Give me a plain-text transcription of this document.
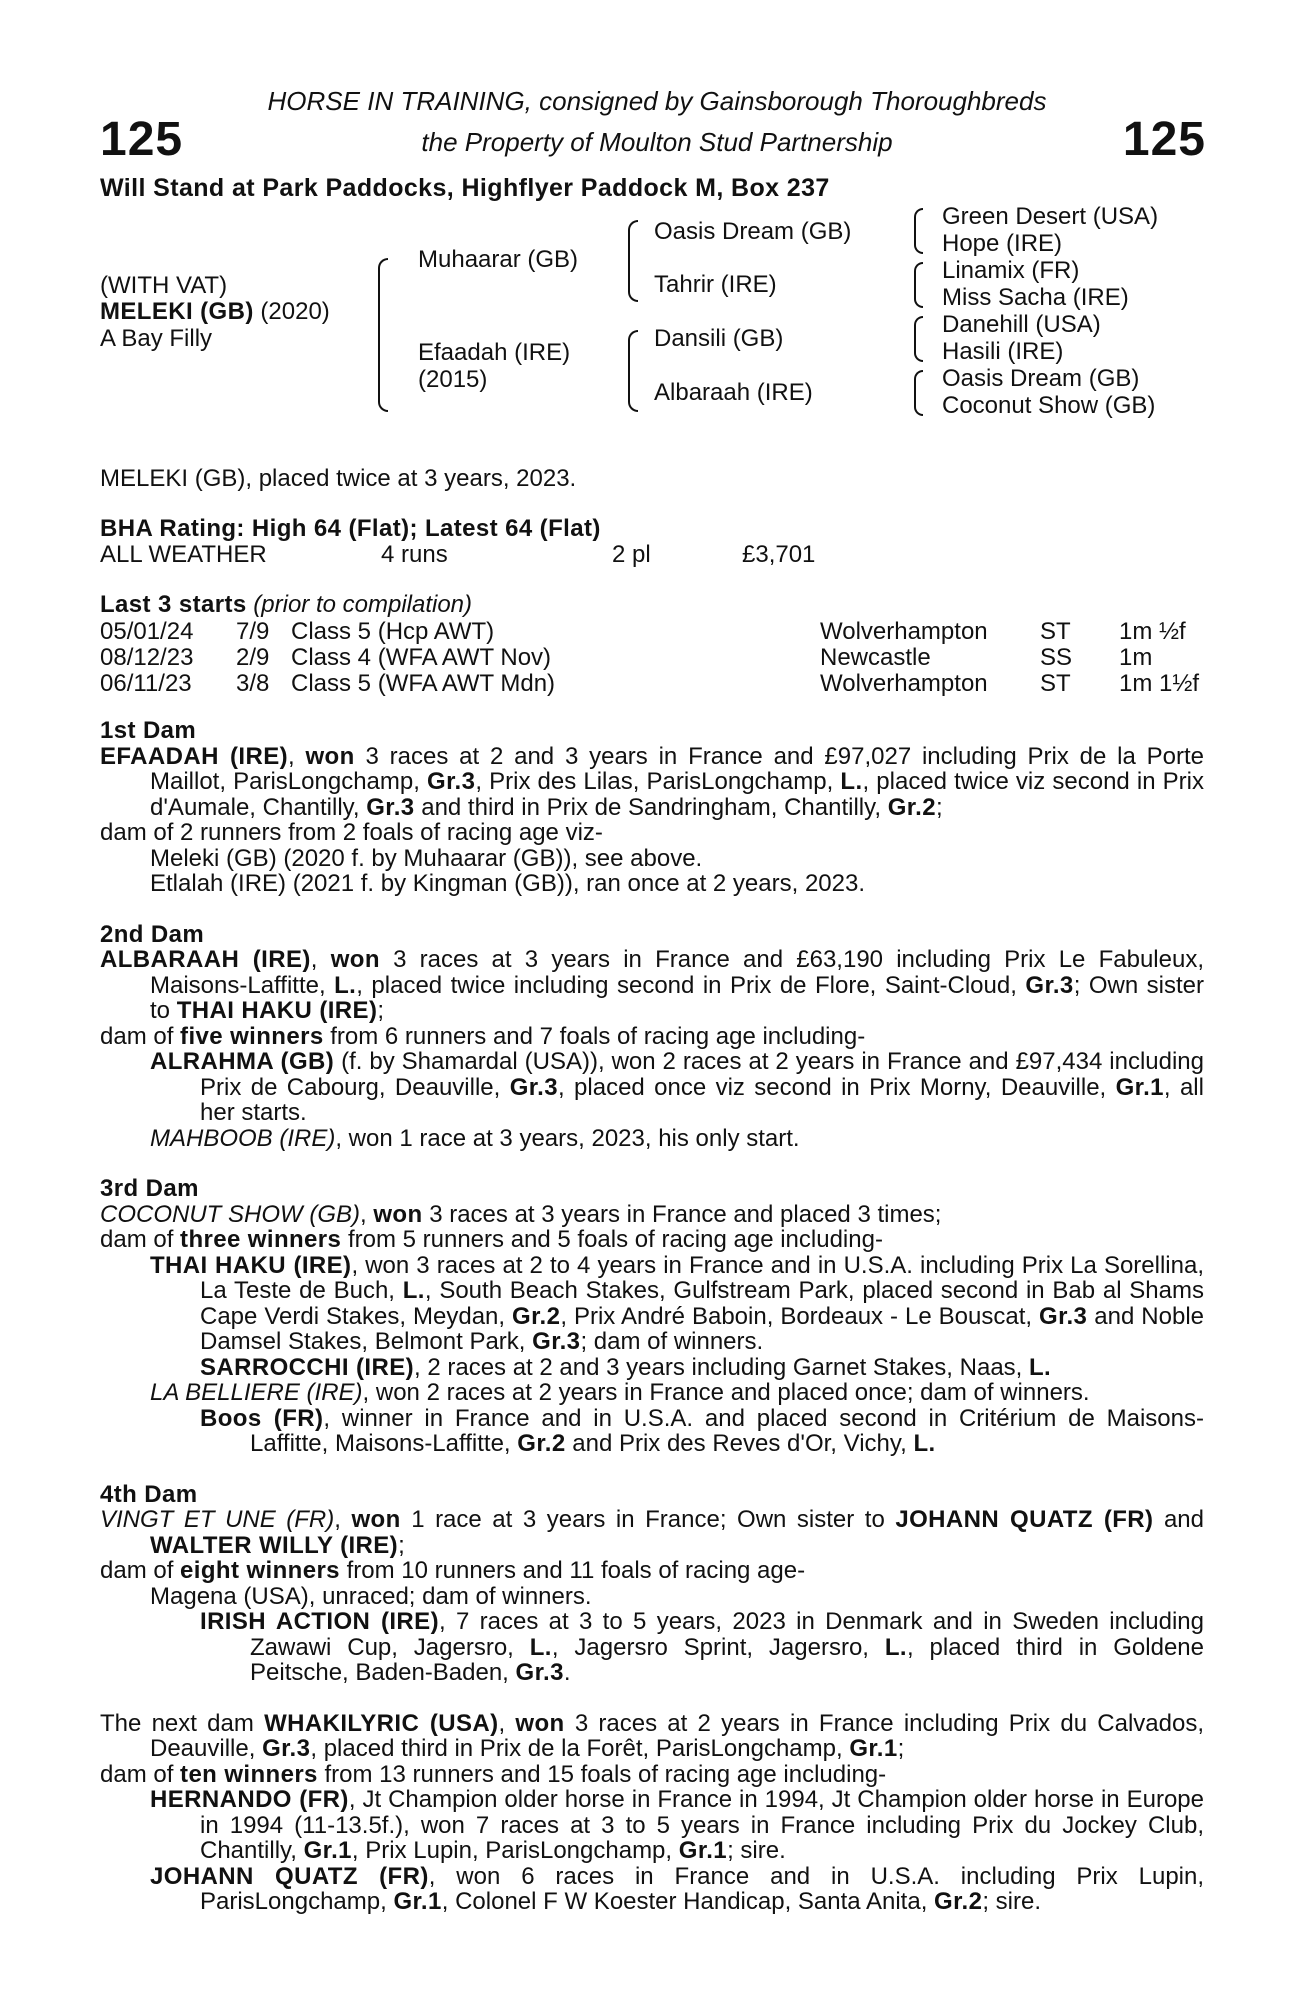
125	125
HORSE IN TRAINING, consigned by Gainsborough Thoroughbreds
the Property of Moulton Stud Partnership
Will Stand at Park Paddocks, Highflyer Paddock M, Box 237
(WITH VAT)
MELEKI (GB) (2020)
A Bay Filly
Muhaarar (GB)
Efaadah (IRE)
(2015)
Oasis Dream (GB)
Tahrir (IRE)
Dansili (GB)
Albaraah (IRE)
Green Desert (USA)
Hope (IRE)
Linamix (FR)
Miss Sacha (IRE)
Danehill (USA)
Hasili (IRE)
Oasis Dream (GB)
Coconut Show (GB)
MELEKI (GB), placed twice at 3 years, 2023.
BHA Rating: High 64 (Flat); Latest 64 (Flat)
ALL WEATHER	4 runs	2 pl	£3,701
Last 3 starts (prior to compilation)
05/01/24 7/9 Class 5 (Hcp AWT)	Wolverhampton ST 1m ½f
08/12/23 2/9 Class 4 (WFA AWT Nov)	Newcastle	SS 1m
06/11/23 3/8 Class 5 (WFA AWT Mdn)	Wolverhampton ST 1m 1½f
1st Dam

EFAADAH (IRE), won 3 races at 2 and 3 years in France and £97,027 including Prix de la Porte Maillot, ParisLongchamp, Gr.3, Prix des Lilas, ParisLongchamp, L., placed twice viz second in Prix d'Aumale, Chantilly, Gr.3 and third in Prix de Sandringham, Chantilly, Gr.2;

dam of 2 runners from 2 foals of racing age viz-
Meleki (GB) (2020 f. by Muhaarar (GB)), see above.
Etlalah (IRE) (2021 f. by Kingman (GB)), ran once at 2 years, 2023.
2nd Dam

ALBARAAH (IRE), won 3 races at 3 years in France and £63,190 including Prix Le Fabuleux, Maisons-Laffitte, L., placed twice including second in Prix de Flore, Saint-Cloud, Gr.3; Own sister to THAI HAKU (IRE);

dam of five winners from 6 runners and 7 foals of racing age including-

ALRAHMA (GB) (f. by Shamardal (USA)), won 2 races at 2 years in France and £97,434 including Prix de Cabourg, Deauville, Gr.3, placed once viz second in Prix Morny, Deauville, Gr.1, all her starts.

MAHBOOB (IRE), won 1 race at 3 years, 2023, his only start.
3rd Dam
COCONUT SHOW (GB), won 3 races at 3 years in France and placed 3 times;
dam of three winners from 5 runners and 5 foals of racing age including-

THAI HAKU (IRE), won 3 races at 2 to 4 years in France and in U.S.A. including Prix La Sorellina, La Teste de Buch, L., South Beach Stakes, Gulfstream Park, placed second in Bab al Shams Cape Verdi Stakes, Meydan, Gr.2, Prix André Baboin, Bordeaux - Le Bouscat, Gr.3 and Noble Damsel Stakes, Belmont Park, Gr.3; dam of winners.

SARROCCHI (IRE), 2 races at 2 and 3 years including Garnet Stakes, Naas, L.
LA BELLIERE (IRE), won 2 races at 2 years in France and placed once; dam of winners.

Boos (FR), winner in France and in U.S.A. and placed second in Critérium de Maisons-Laffitte, Maisons-Laffitte, Gr.2 and Prix des Reves d'Or, Vichy, L.

4th Dam

VINGT ET UNE (FR), won 1 race at 3 years in France; Own sister to JOHANN QUATZ (FR) and WALTER WILLY (IRE);

dam of eight winners from 10 runners and 11 foals of racing age-
Magena (USA), unraced; dam of winners.

IRISH ACTION (IRE), 7 races at 3 to 5 years, 2023 in Denmark and in Sweden including Zawawi Cup, Jagersro, L., Jagersro Sprint, Jagersro, L., placed third in Goldene Peitsche, Baden-Baden, Gr.3.

The next dam WHAKILYRIC (USA), won 3 races at 2 years in France including Prix du Calvados, Deauville, Gr.3, placed third in Prix de la Forêt, ParisLongchamp, Gr.1;

dam of ten winners from 13 runners and 15 foals of racing age including-

HERNANDO (FR), Jt Champion older horse in France in 1994, Jt Champion older horse in Europe in 1994 (11-13.5f.), won 7 races at 3 to 5 years in France including Prix du Jockey Club, Chantilly, Gr.1, Prix Lupin, ParisLongchamp, Gr.1; sire.

JOHANN QUATZ (FR), won 6 races in France and in U.S.A. including Prix Lupin, ParisLongchamp, Gr.1, Colonel F W Koester Handicap, Santa Anita, Gr.2; sire.
